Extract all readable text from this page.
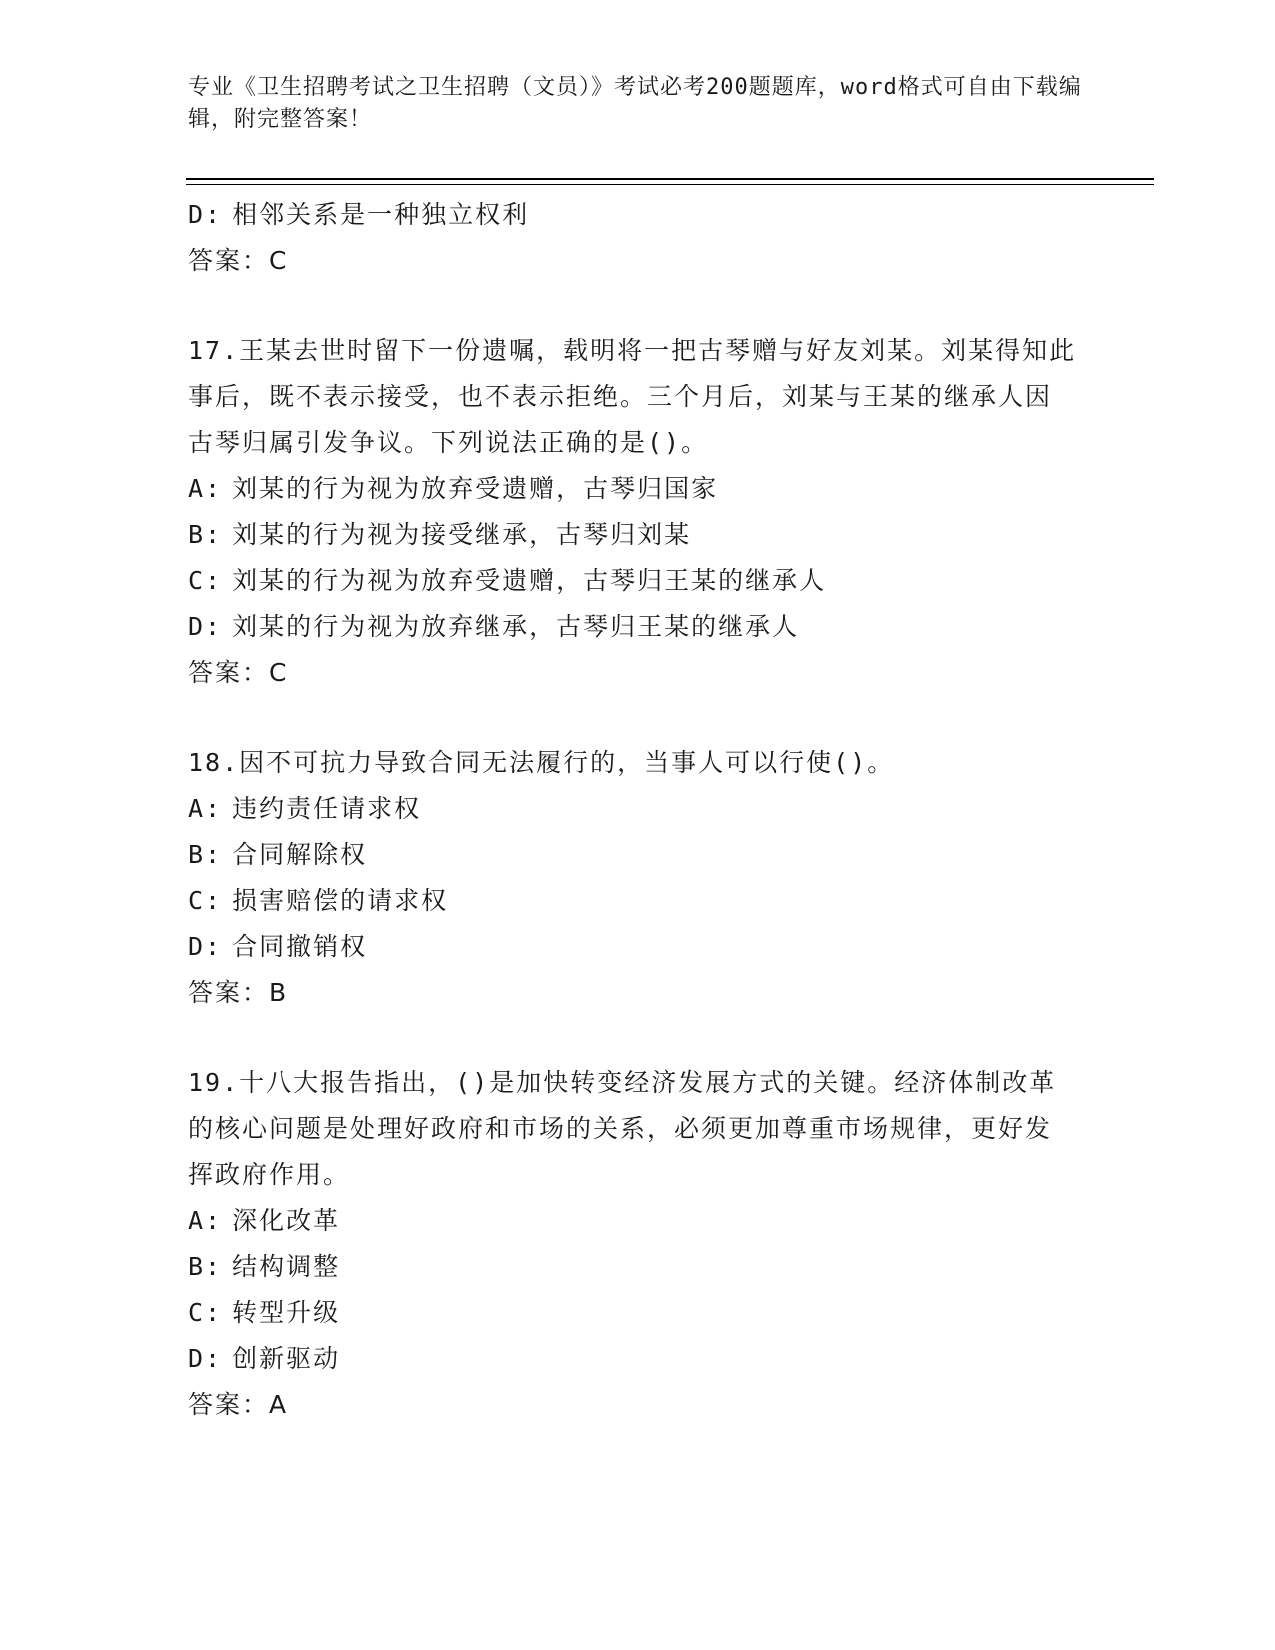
专业《卫生招聘考试之卫生招聘（文员）》考试必考200题题库，word格式可自由下载编辑，附完整答案！
D: 相邻关系是一种独立权利
答案：C
17.王某去世时留下一份遗嘱，载明将一把古琴赠与好友刘某。刘某得知此事后，既不表示接受，也不表示拒绝。三个月后，刘某与王某的继承人因古琴归属引发争议。下列说法正确的是()。
A: 刘某的行为视为放弃受遗赠，古琴归国家
B: 刘某的行为视为接受继承，古琴归刘某
C: 刘某的行为视为放弃受遗赠，古琴归王某的继承人
D: 刘某的行为视为放弃继承，古琴归王某的继承人
答案：C
18.因不可抗力导致合同无法履行的，当事人可以行使()。
A: 违约责任请求权
B: 合同解除权
C: 损害赔偿的请求权
D: 合同撤销权
答案：B
19.十八大报告指出，()是加快转变经济发展方式的关键。经济体制改革的核心问题是处理好政府和市场的关系，必须更加尊重市场规律，更好发挥政府作用。
A: 深化改革
B: 结构调整
C: 转型升级
D: 创新驱动
答案：A
